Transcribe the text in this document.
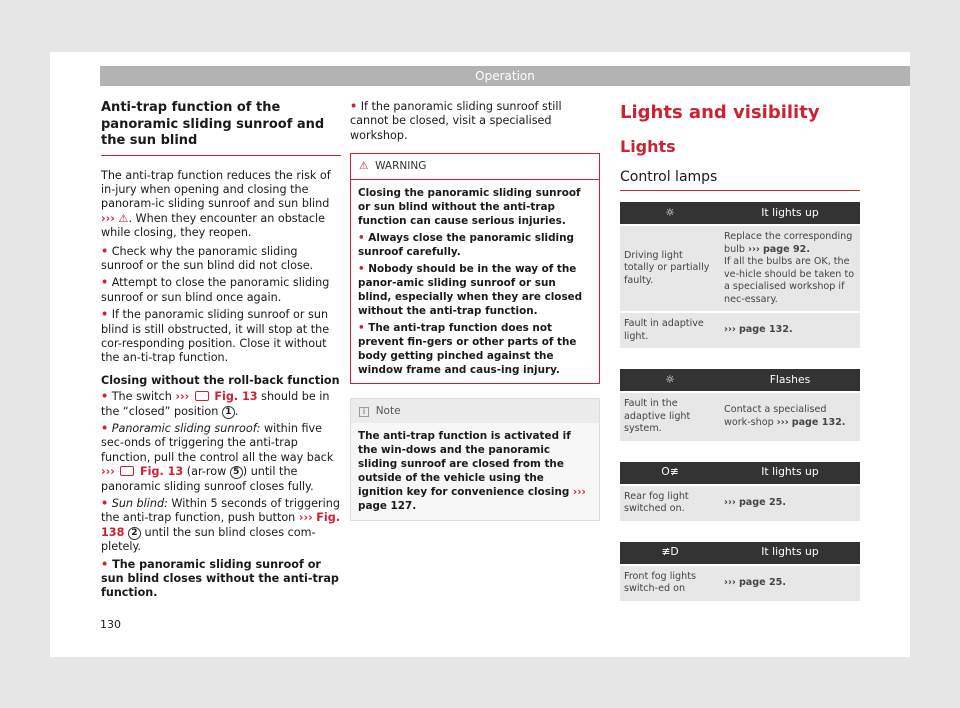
Operation
Anti-trap function of the panoramic sliding sunroof and the sun blind

The anti-trap function reduces the risk of in-jury when opening and closing the panoram-ic sliding sunroof and sun blind ››› ⚠. When they encounter an obstacle while closing, they reopen.

• Check why the panoramic sliding sunroof or the sun blind did not close.
• Attempt to close the panoramic sliding sunroof or sun blind once again.
• If the panoramic sliding sunroof or sun blind is still obstructed, it will stop at the cor-responding position. Close it without the an-ti-trap function.
Closing without the roll-back function
• The switch ››› Fig. 13 should be in the “closed” position 1 .
• Panoramic sliding sunroof: within five sec-onds of triggering the anti-trap function, pull the control all the way back ››› Fig. 13 (ar-row 5 ) until the panoramic sliding sunroof closes fully.
• Sun blind: Within 5 seconds of triggering the anti-trap function, push button ››› Fig. 138 2 until the sun blind closes com-pletely.
• The panoramic sliding sunroof or sun blind closes without the anti-trap function.
• If the panoramic sliding sunroof still cannot be closed, visit a specialised workshop.
⚠ WARNING
Closing the panoramic sliding sunroof or sun blind without the anti-trap function can cause serious injuries.
• Always close the panoramic sliding sunroof carefully.
• Nobody should be in the way of the panor-amic sliding sunroof or sun blind, especially when they are closed without the anti-trap function.
• The anti-trap function does not prevent fin-gers or other parts of the body getting pinched against the window frame and caus-ing injury.
i Note
The anti-trap function is activated if the win-dows and the panoramic sliding sunroof are closed from the outside of the vehicle using the ignition key for convenience closing ››› page 127.
Lights and visibility
Lights
Control lamps
☼	It lights up
Driving light totally or partially faulty.	Replace the corresponding bulb ››› page 92.
If all the bulbs are OK, the ve-hicle should be taken to a specialised workshop if nec-essary.
Fault in adaptive light.	››› page 132.
☼	Flashes
Fault in the adaptive light system.	Contact a specialised work-shop ››› page 132.
O≢	It lights up
Rear fog light switched on.	››› page 25.
≢D	It lights up
Front fog lights switch-ed on	››› page 25.
130
